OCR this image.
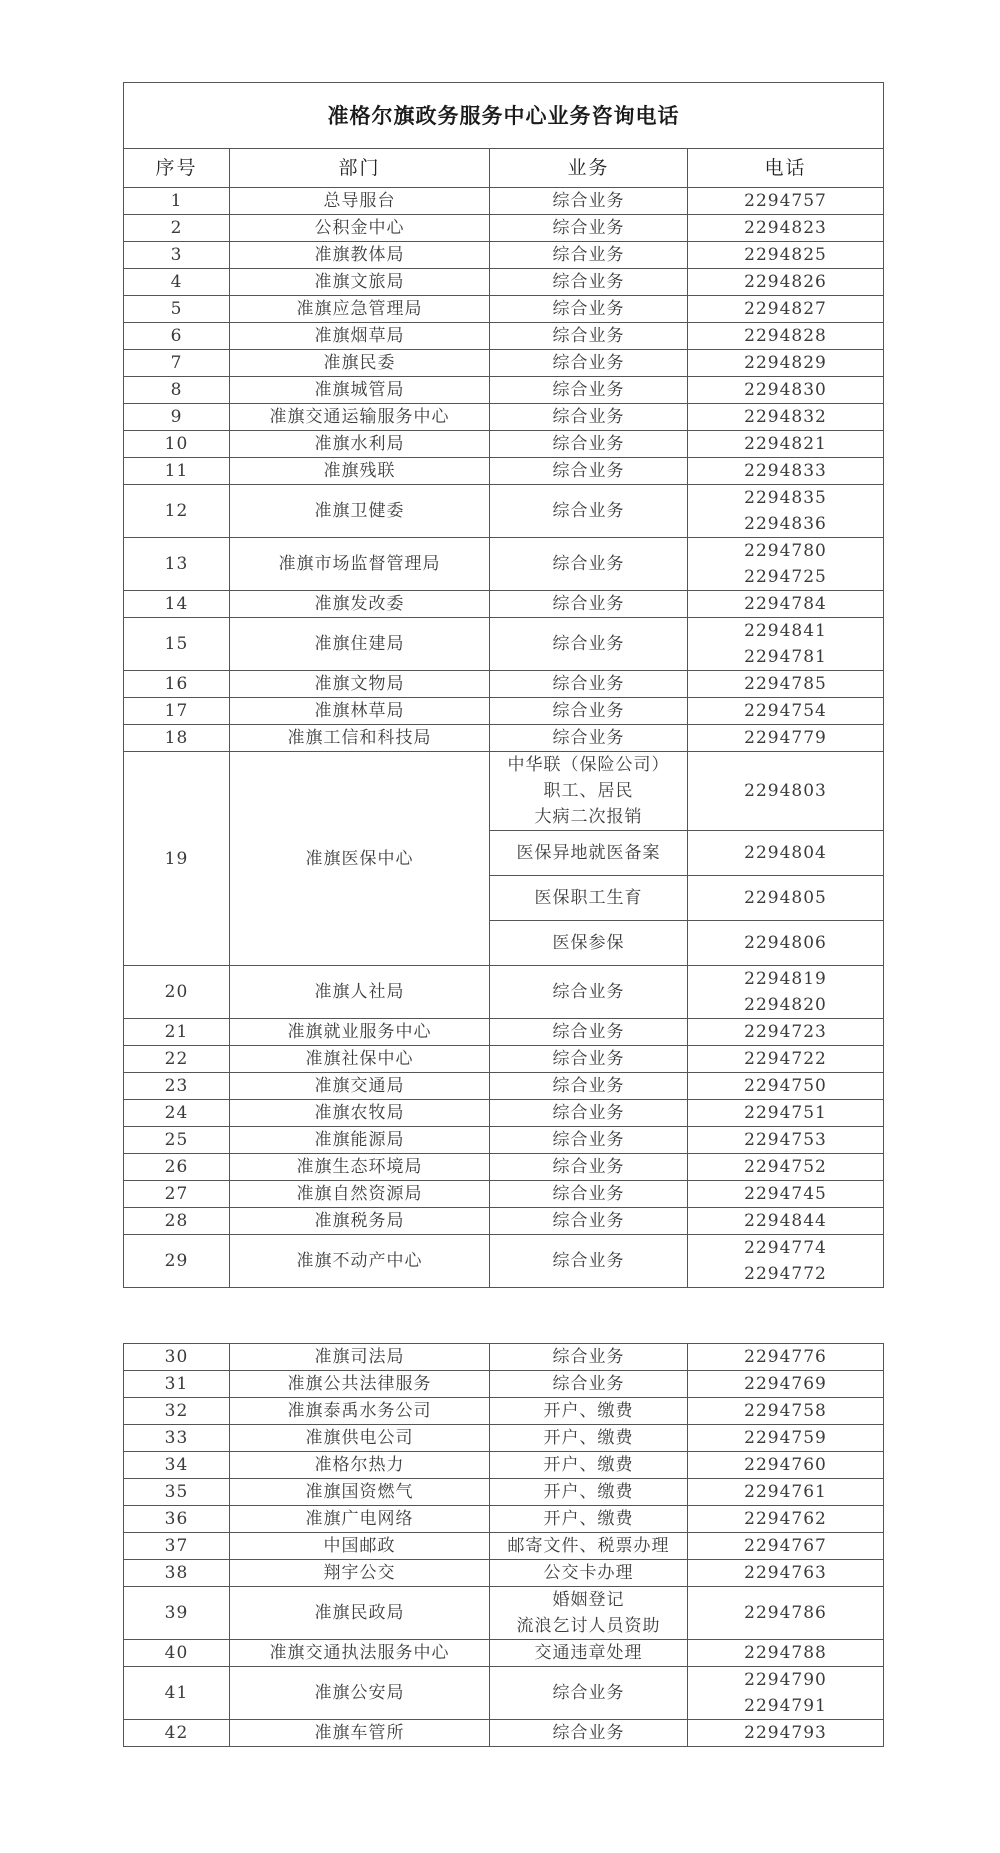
准格尔旗政务服务中心业务咨询电话			
序号	部门	业务	电话
1	总导服台	综合业务	2294757
2	公积金中心	综合业务	2294823
3	准旗教体局	综合业务	2294825
4	准旗文旅局	综合业务	2294826
5	准旗应急管理局	综合业务	2294827
6	准旗烟草局	综合业务	2294828
7	准旗民委	综合业务	2294829
8	准旗城管局	综合业务	2294830
9	准旗交通运输服务中心	综合业务	2294832
10	准旗水利局	综合业务	2294821
11	准旗残联	综合业务	2294833
12	准旗卫健委	综合业务	2294835
2294836
13	准旗市场监督管理局	综合业务	2294780
2294725
14	准旗发改委	综合业务	2294784
15	准旗住建局	综合业务	2294841
2294781
16	准旗文物局	综合业务	2294785
17	准旗林草局	综合业务	2294754
18	准旗工信和科技局	综合业务	2294779
19	准旗医保中心	中华联（保险公司）
职工、居民
大病二次报销	2294803
		医保异地就医备案	2294804
		医保职工生育	2294805
		医保参保	2294806
20	准旗人社局	综合业务	2294819
2294820
21	准旗就业服务中心	综合业务	2294723
22	准旗社保中心	综合业务	2294722
23	准旗交通局	综合业务	2294750
24	准旗农牧局	综合业务	2294751
25	准旗能源局	综合业务	2294753
26	准旗生态环境局	综合业务	2294752
27	准旗自然资源局	综合业务	2294745
28	准旗税务局	综合业务	2294844
29	准旗不动产中心	综合业务	2294774
2294772
30	准旗司法局	综合业务	2294776
31	准旗公共法律服务	综合业务	2294769
32	准旗泰禹水务公司	开户、缴费	2294758
33	准旗供电公司	开户、缴费	2294759
34	准格尔热力	开户、缴费	2294760
35	准旗国资燃气	开户、缴费	2294761
36	准旗广电网络	开户、缴费	2294762
37	中国邮政	邮寄文件、税票办理	2294767
38	翔宇公交	公交卡办理	2294763
39	准旗民政局	婚姻登记
流浪乞讨人员资助	2294786
40	准旗交通执法服务中心	交通违章处理	2294788
41	准旗公安局	综合业务	2294790
2294791
42	准旗车管所	综合业务	2294793
